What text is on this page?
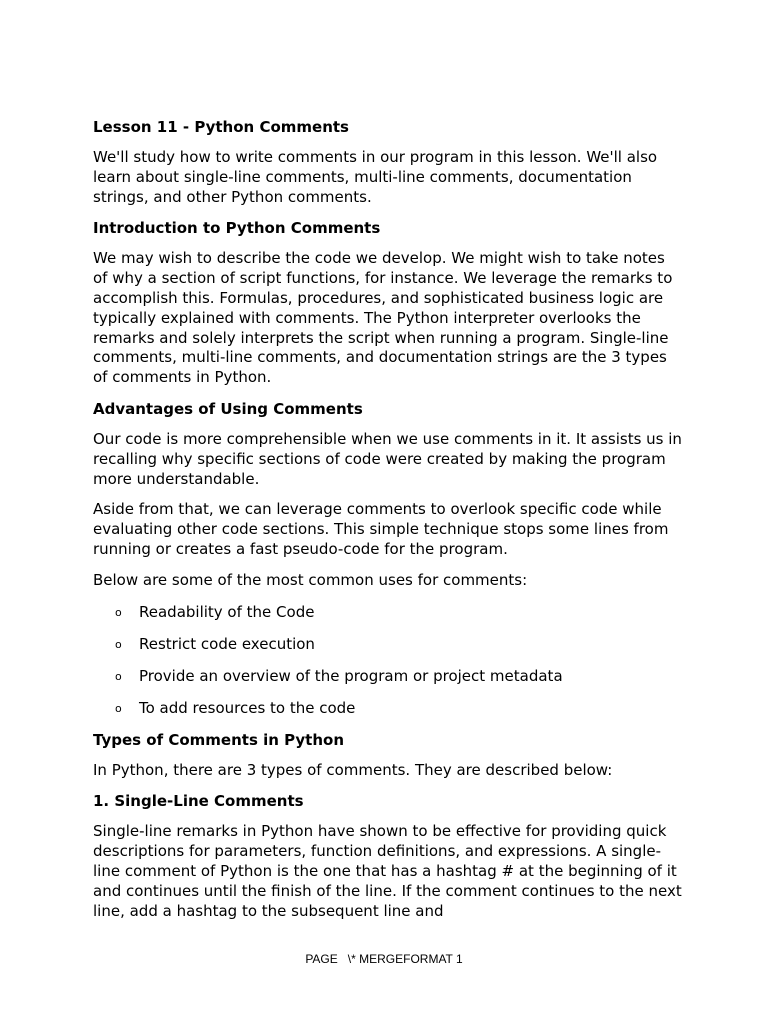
Lesson 11 - Python Comments

We'll study how to write comments in our program in this lesson. We'll also learn about single-line comments, multi-line comments, documentation strings, and other Python comments.

Introduction to Python Comments

We may wish to describe the code we develop. We might wish to take notes of why a section of script functions, for instance. We leverage the remarks to accomplish this. Formulas, procedures, and sophisticated business logic are typically explained with comments. The Python interpreter overlooks the remarks and solely interprets the script when running a program. Single-line comments, multi-line comments, and documentation strings are the 3 types of comments in Python.

Advantages of Using Comments

Our code is more comprehensible when we use comments in it. It assists us in recalling why specific sections of code were created by making the program more understandable.

Aside from that, we can leverage comments to overlook specific code while evaluating other code sections. This simple technique stops some lines from running or creates a fast pseudo-code for the program.

Below are some of the most common uses for comments:

o Readability of the Code
o Restrict code execution
o Provide an overview of the program or project metadata
o To add resources to the code
Types of Comments in Python

In Python, there are 3 types of comments. They are described below:

1. Single-Line Comments

Single-line remarks in Python have shown to be effective for providing quick descriptions for parameters, function definitions, and expressions. A single-line comment of Python is the one that has a hashtag # at the beginning of it and continues until the finish of the line. If the comment continues to the next line, add a hashtag to the subsequent line and

PAGE   \* MERGEFORMAT 1
